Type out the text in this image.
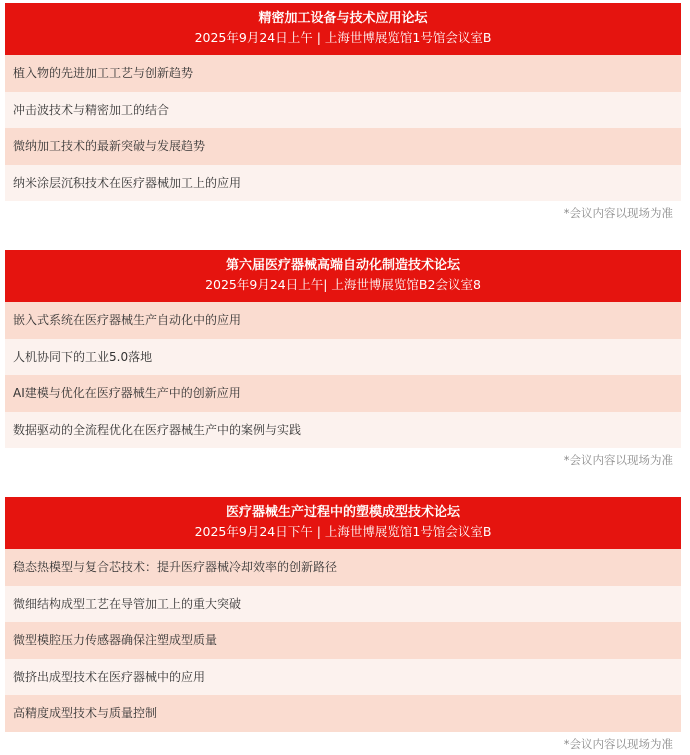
精密加工设备与技术应用论坛
2025年9月24日上午 | 上海世博展览馆1号馆会议室B
植入物的先进加工工艺与创新趋势
冲击波技术与精密加工的结合
微纳加工技术的最新突破与发展趋势
纳米涂层沉积技术在医疗器械加工上的应用
*会议内容以现场为准
第六届医疗器械高端自动化制造技术论坛
2025年9月24日上午| 上海世博展览馆B2会议室8
嵌入式系统在医疗器械生产自动化中的应用
人机协同下的工业5.0落地
AI建模与优化在医疗器械生产中的创新应用
数据驱动的全流程优化在医疗器械生产中的案例与实践
*会议内容以现场为准
医疗器械生产过程中的塑模成型技术论坛
2025年9月24日下午 | 上海世博展览馆1号馆会议室B
稳态热模型与复合芯技术：提升医疗器械冷却效率的创新路径
微细结构成型工艺在导管加工上的重大突破
微型模腔压力传感器确保注塑成型质量
微挤出成型技术在医疗器械中的应用
高精度成型技术与质量控制
*会议内容以现场为准
